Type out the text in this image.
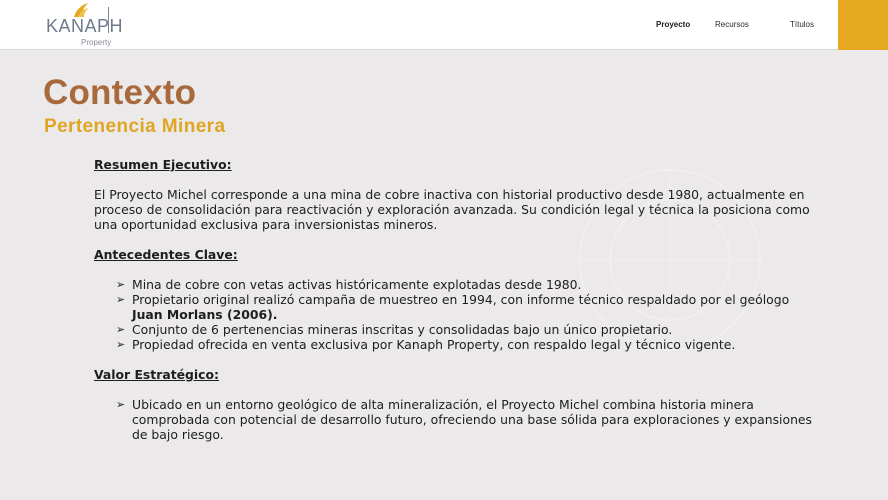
KANAPH
Property
Proyecto	Recursos	Títulos
Contexto
Pertenencia Minera
Resumen Ejecutivo:
El Proyecto Michel corresponde a una mina de cobre inactiva con historial productivo desde 1980, actualmente en
proceso de consolidación para reactivación y exploración avanzada. Su condición legal y técnica la posiciona como
una oportunidad exclusiva para inversionistas mineros.
Antecedentes Clave:
➢ Mina de cobre con vetas activas históricamente explotadas desde 1980.
➢ Propietario original realizó campaña de muestreo en 1994, con informe técnico respaldado por el geólogo
Juan Morlans (2006).
➢ Conjunto de 6 pertenencias mineras inscritas y consolidadas bajo un único propietario.
➢ Propiedad ofrecida en venta exclusiva por Kanaph Property, con respaldo legal y técnico vigente.
Valor Estratégico:
➢ Ubicado en un entorno geológico de alta mineralización, el Proyecto Michel combina historia minera
comprobada con potencial de desarrollo futuro, ofreciendo una base sólida para exploraciones y expansiones
de bajo riesgo.
